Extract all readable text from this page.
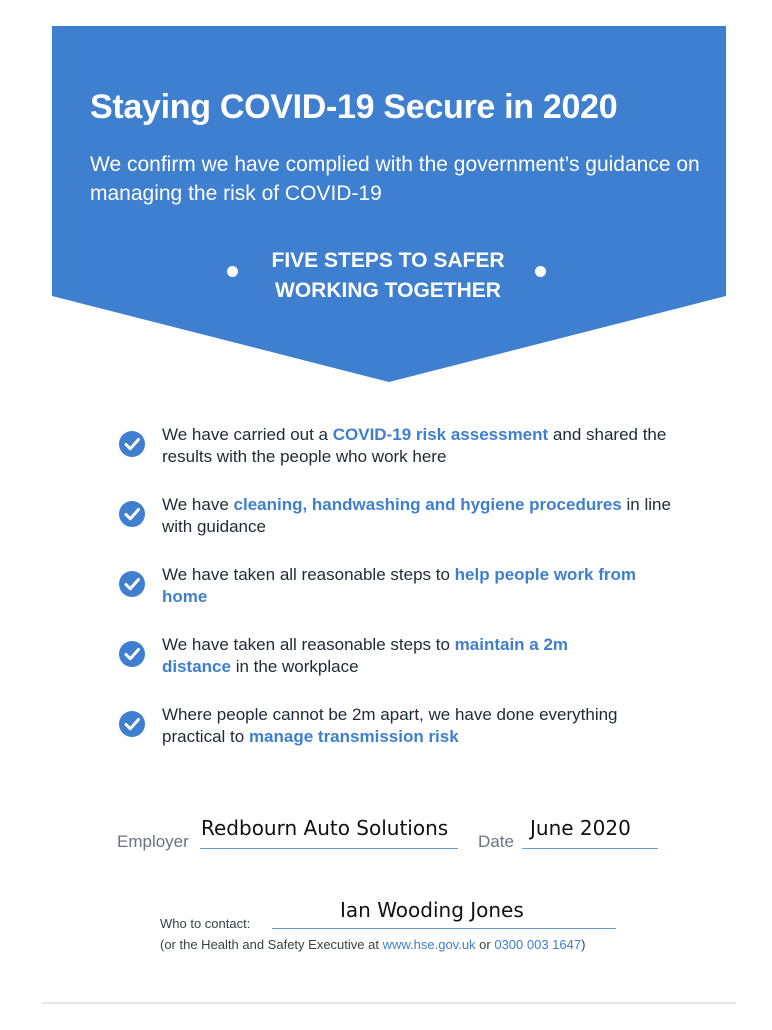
Staying COVID-19 Secure in 2020

We confirm we have complied with the government’s guidance on managing the risk of COVID-19

FIVE STEPS TO SAFER
WORKING TOGETHER

We have carried out a COVID-19 risk assessment and shared the results with the people who work here

We have cleaning, handwashing and hygiene procedures in line with guidance

We have taken all reasonable steps to help people work from home

We have taken all reasonable steps to maintain a 2m distance in the workplace

Where people cannot be 2m apart, we have done everything practical to manage transmission risk

Employer
Redbourn Auto Solutions
Date
June 2020
Who to contact:
Ian Wooding Jones
(or the Health and Safety Executive at www.hse.gov.uk or 0300 003 1647)
